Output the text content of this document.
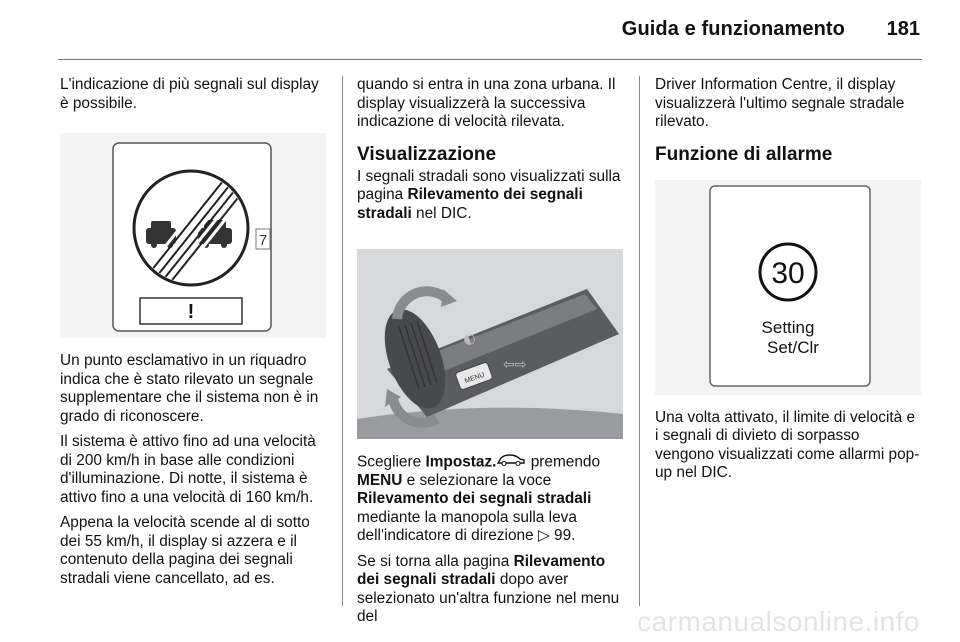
Guida e funzionamento 181

L'indicazione di più segnali sul display è possibile.

7
!

Un punto esclamativo in un riquadro indica che è stato rilevato un segnale supplementare che il sistema non è in grado di riconoscere.

Il sistema è attivo fino ad una velocità di 200 km/h in base alle condizioni d'illuminazione. Di notte, il sistema è attivo fino a una velocità di 160 km/h.

Appena la velocità scende al di sotto dei 55 km/h, il display si azzera e il contenuto della pagina dei segnali stradali viene cancellato, ad es.

quando si entra in una zona urbana. Il display visualizzerà la successiva indicazione di velocità rilevata.

Visualizzazione

I segnali stradali sono visualizzati sulla pagina Rilevamento dei segnali stradali nel DIC.

MENU
⇦⇨
◐

Scegliere Impostaz. premendo MENU e selezionare la voce Rilevamento dei segnali stradali mediante la manopola sulla leva dell'indicatore di direzione ▷ 99.

Se si torna alla pagina Rilevamento dei segnali stradali dopo aver selezionato un'altra funzione nel menu del

Driver Information Centre, il display visualizzerà l'ultimo segnale stradale rilevato.

Funzione di allarme
30
Setting
Set/Clr

Una volta attivato, il limite di velocità e i segnali di divieto di sorpasso vengono visualizzati come allarmi pop-up nel DIC.

carmanualsonline.info
